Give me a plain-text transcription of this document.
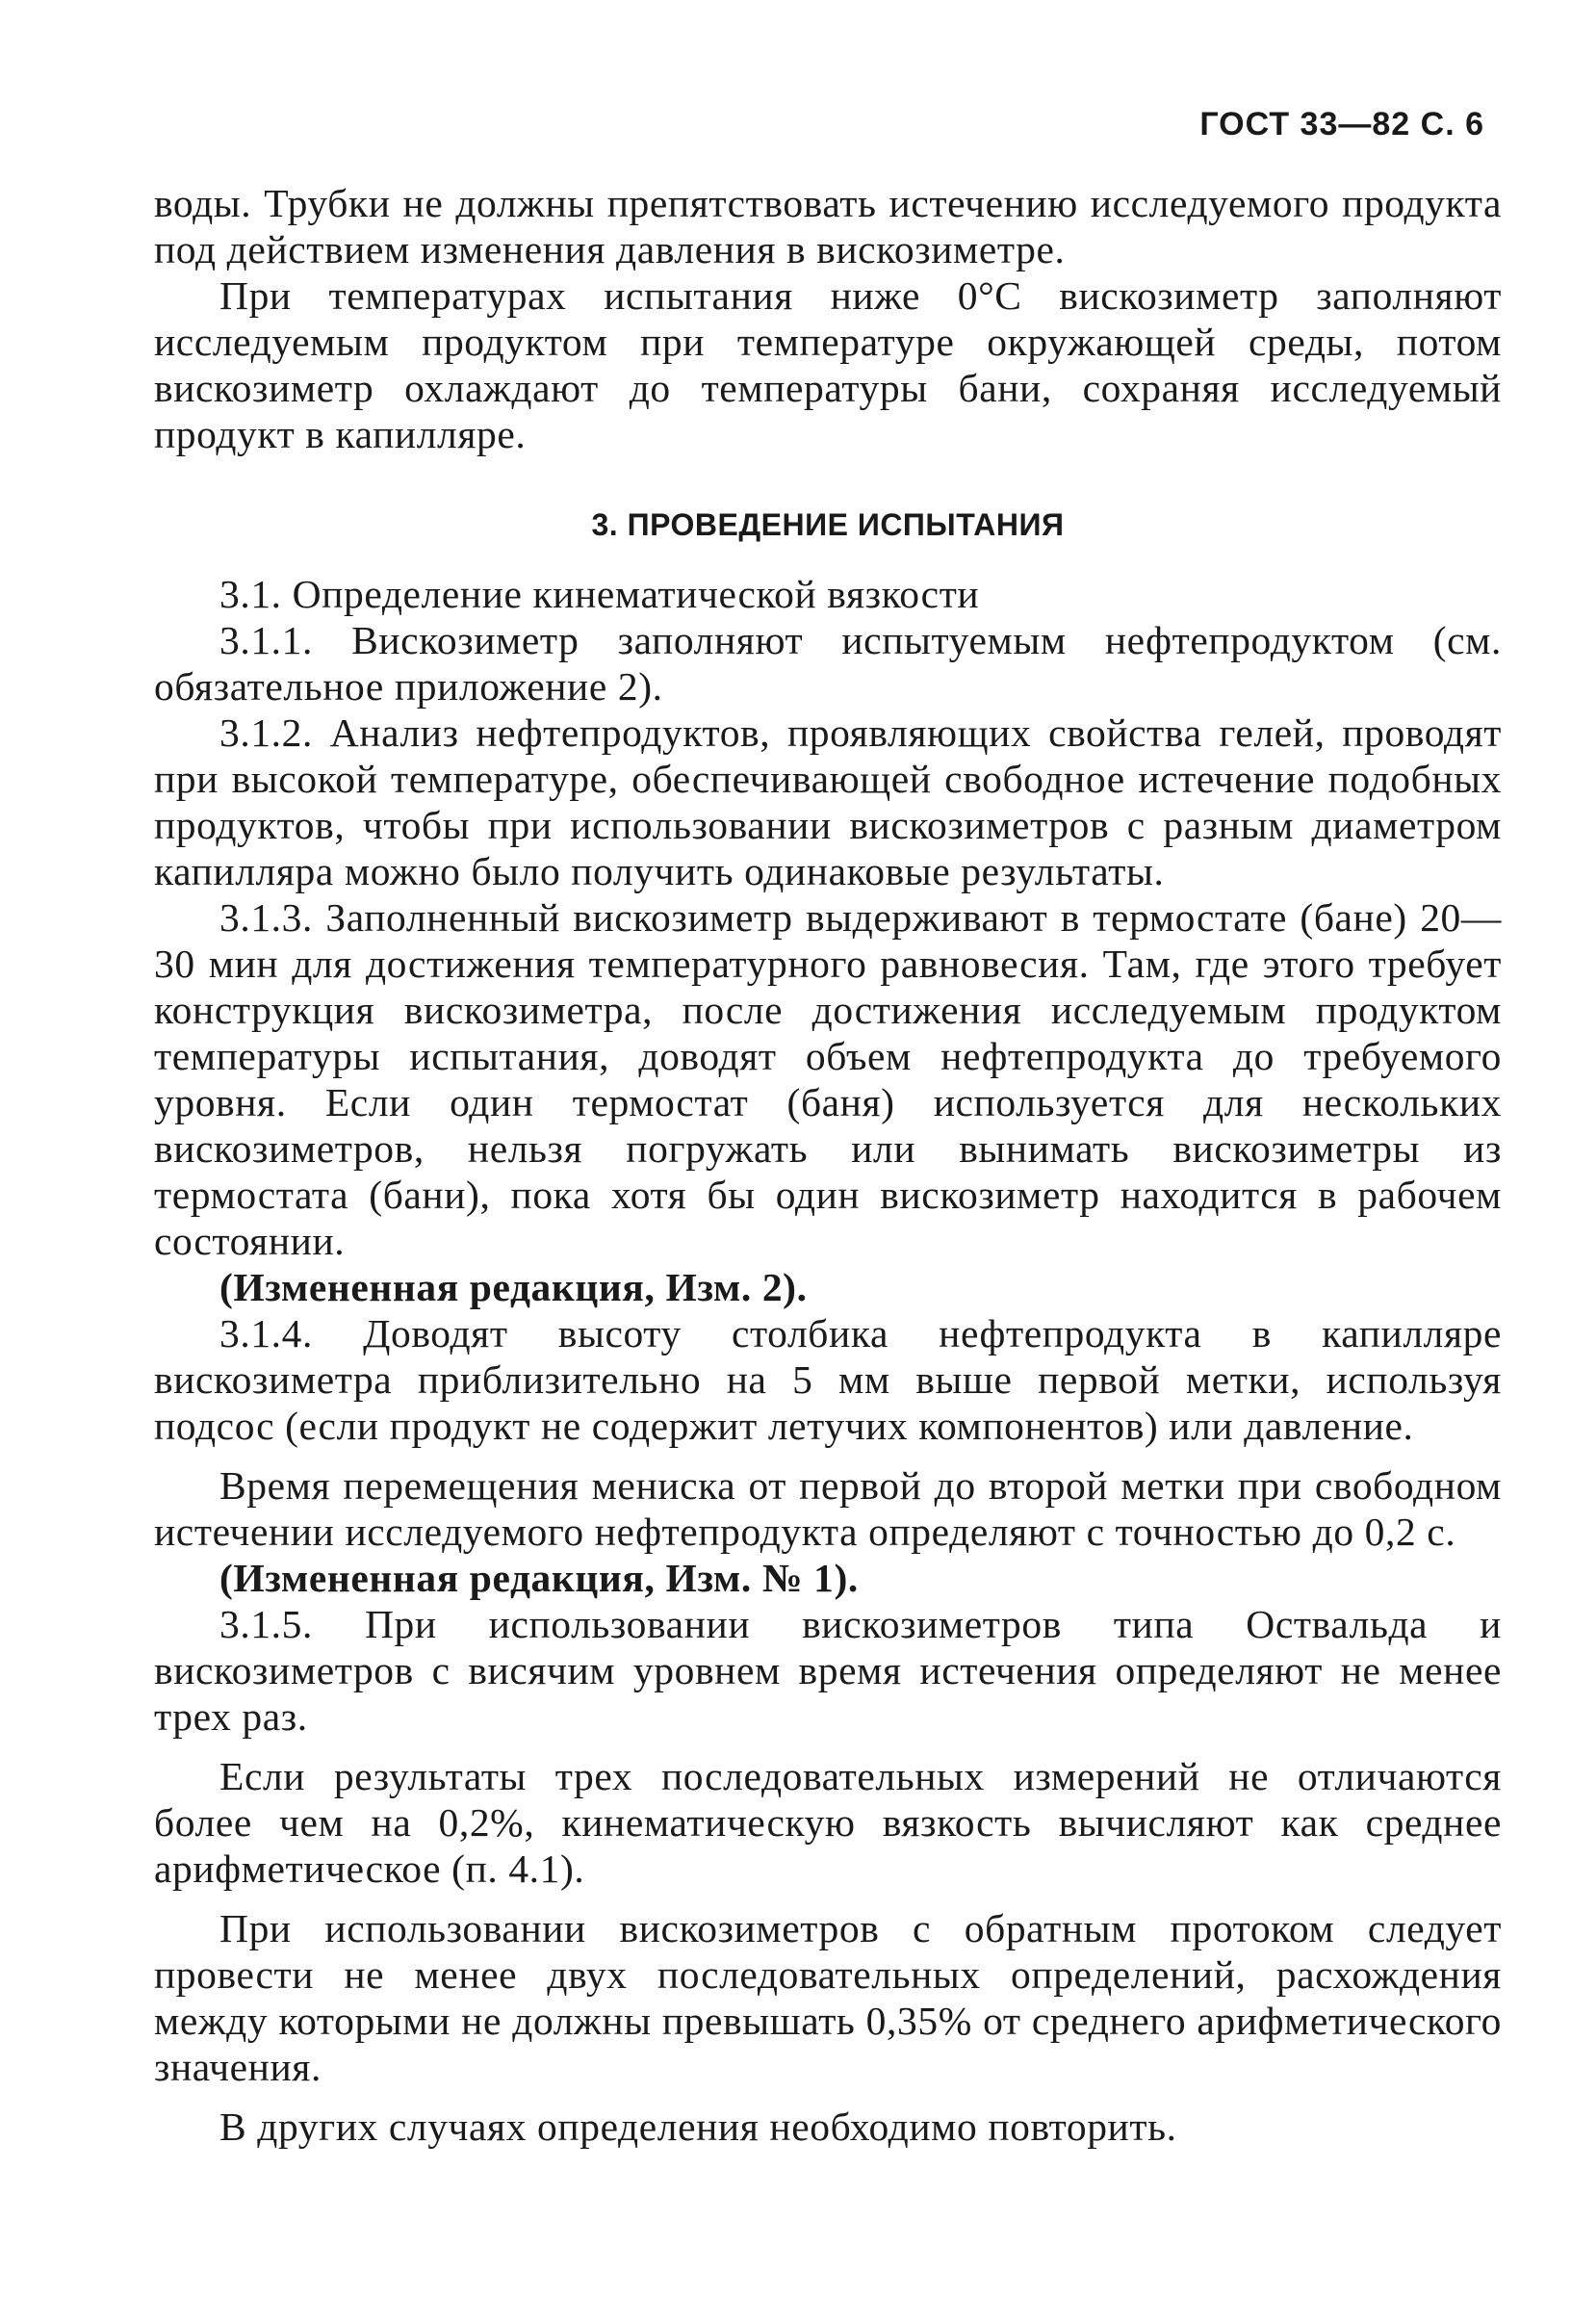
ГОСТ 33—82 С. 6

воды. Трубки не должны препятствовать истечению исследуемого продукта под действием изменения давления в вискозиметре.

При температурах испытания ниже 0°C вискозиметр заполняют исследуемым продуктом при температуре окружающей среды, потом вискозиметр охлаждают до температуры бани, сохраняя исследуемый продукт в капилляре.

3. ПРОВЕДЕНИЕ ИСПЫТАНИЯ

3.1. Определение кинематической вязкости

3.1.1. Вискозиметр заполняют испытуемым нефтепродуктом (см. обязательное приложение 2).

3.1.2. Анализ нефтепродуктов, проявляющих свойства гелей, проводят при высокой температуре, обеспечивающей свободное истечение подобных продуктов, чтобы при использовании вискозиметров с разным диаметром капилляра можно было получить одинаковые результаты.

3.1.3. Заполненный вискозиметр выдерживают в термостате (бане) 20—30 мин для достижения температурного равновесия. Там, где этого требует конструкция вискозиметра, после достижения исследуемым продуктом температуры испытания, доводят объем нефтепродукта до требуемого уровня. Если один термостат (баня) используется для нескольких вискозиметров, нельзя погружать или вынимать вискозиметры из термостата (бани), пока хотя бы один вискозиметр находится в рабочем состоянии.

(Измененная редакция, Изм. 2).

3.1.4. Доводят высоту столбика нефтепродукта в капилляре вискозиметра приблизительно на 5 мм выше первой метки, используя подсос (если продукт не содержит летучих компонентов) или давление.

Время перемещения мениска от первой до второй метки при свободном истечении исследуемого нефтепродукта определяют с точностью до 0,2 с.

(Измененная редакция, Изм. № 1).

3.1.5. При использовании вискозиметров типа Оствальда и вискозиметров с висячим уровнем время истечения определяют не менее трех раз.

Если результаты трех последовательных измерений не отличаются более чем на 0,2%, кинематическую вязкость вычисляют как среднее арифметическое (п. 4.1).

При использовании вискозиметров с обратным протоком следует провести не менее двух последовательных определений, расхождения между которыми не должны превышать 0,35% от среднего арифметического значения.

В других случаях определения необходимо повторить.
